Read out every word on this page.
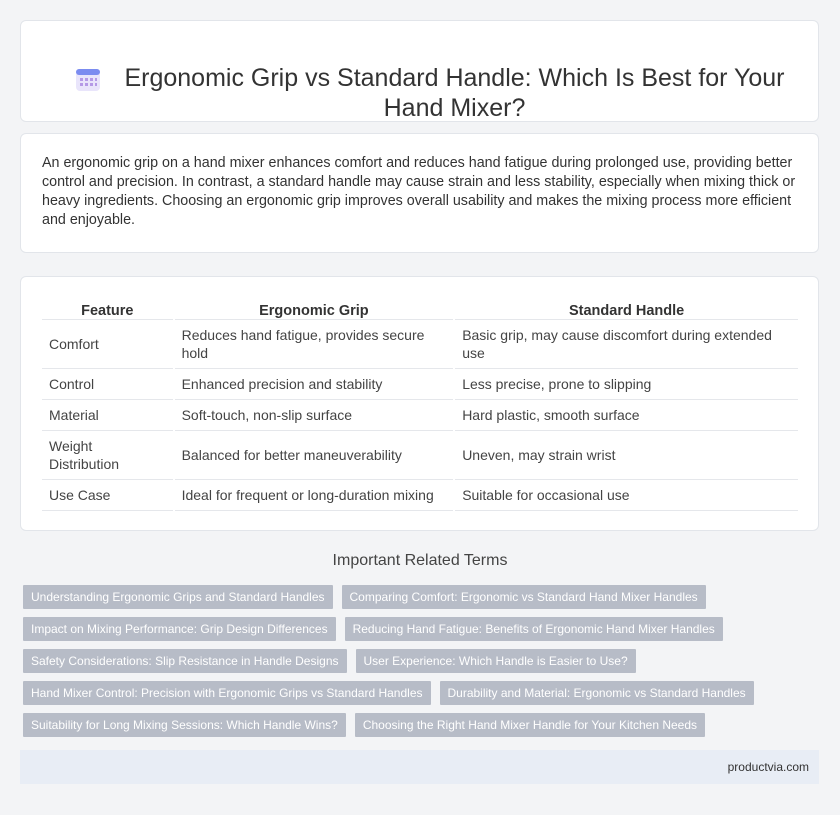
Ergonomic Grip vs Standard Handle: Which Is Best for Your Hand Mixer?

An ergonomic grip on a hand mixer enhances comfort and reduces hand fatigue during prolonged use, providing better control and precision. In contrast, a standard handle may cause strain and less stability, especially when mixing thick or heavy ingredients. Choosing an ergonomic grip improves overall usability and makes the mixing process more efficient and enjoyable.

Feature	Ergonomic Grip	Standard Handle
Comfort	Reduces hand fatigue, provides secure hold	Basic grip, may cause discomfort during extended use
Control	Enhanced precision and stability	Less precise, prone to slipping
Material	Soft-touch, non-slip surface	Hard plastic, smooth surface
Weight Distribution	Balanced for better maneuverability	Uneven, may strain wrist
Use Case	Ideal for frequent or long-duration mixing	Suitable for occasional use
Important Related Terms
Understanding Ergonomic Grips and Standard Handles	Comparing Comfort: Ergonomic vs Standard Hand Mixer Handles
Impact on Mixing Performance: Grip Design Differences	Reducing Hand Fatigue: Benefits of Ergonomic Hand Mixer Handles
Safety Considerations: Slip Resistance in Handle Designs	User Experience: Which Handle is Easier to Use?
Hand Mixer Control: Precision with Ergonomic Grips vs Standard Handles	Durability and Material: Ergonomic vs Standard Handles
Suitability for Long Mixing Sessions: Which Handle Wins?	Choosing the Right Hand Mixer Handle for Your Kitchen Needs
productvia.com
